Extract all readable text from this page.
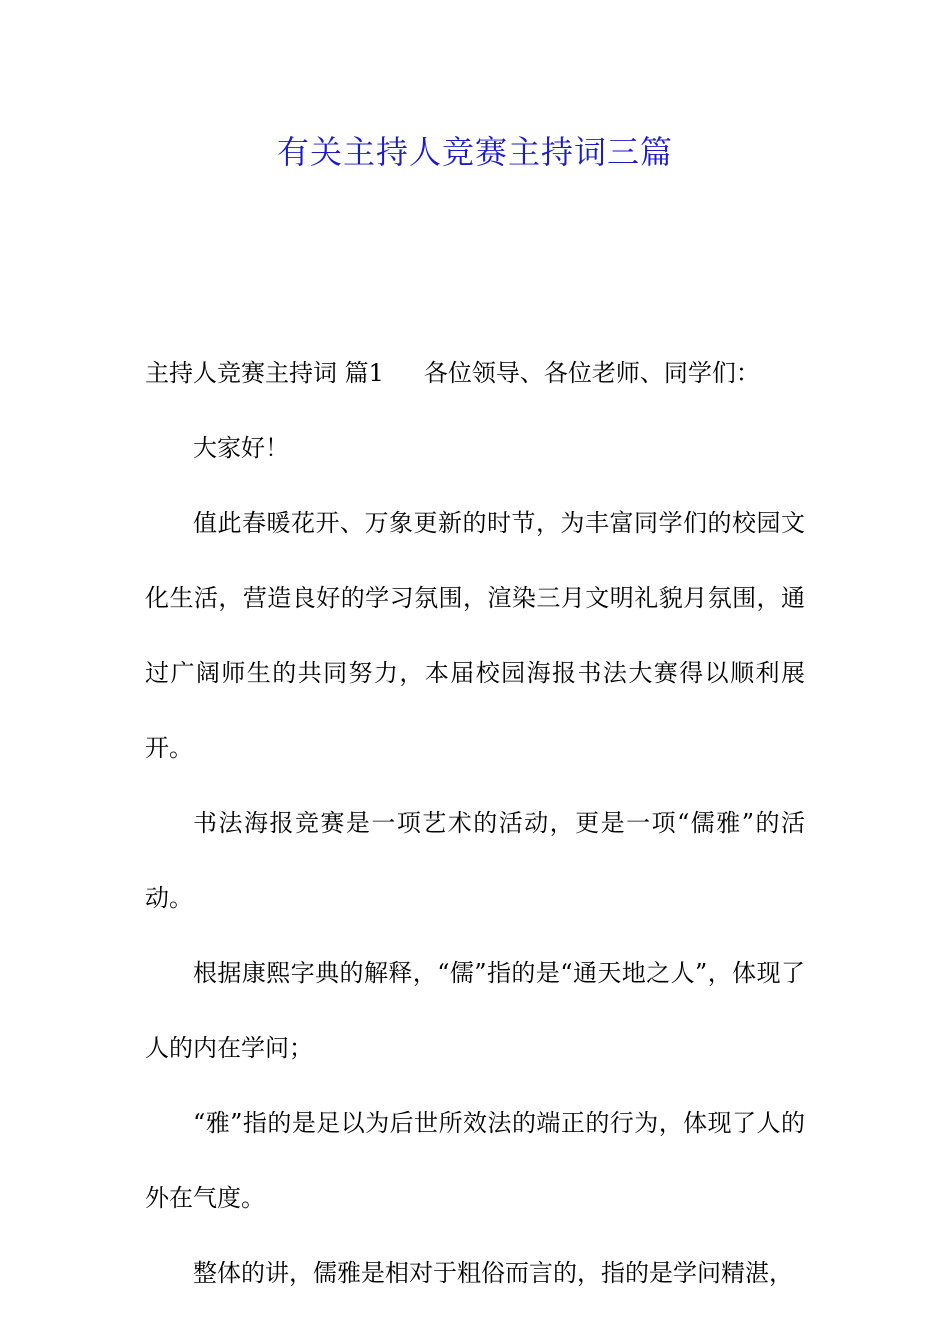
有关主持人竞赛主持词三篇

主持人竞赛主持词 篇1 各位领导、各位老师、同学们：

大家好！

值此春暖花开、万象更新的时节，为丰富同学们的校园文化生活，营造良好的学习氛围，渲染三月文明礼貌月氛围，通过广阔师生的共同努力，本届校园海报书法大赛得以顺利展开。

书法海报竞赛是一项艺术的活动，更是一项“儒雅”的活动。

根据康熙字典的解释，“儒”指的是“通天地之人”，体现了人的内在学问；

“雅”指的是足以为后世所效法的端正的行为，体现了人的外在气度。

整体的讲，儒雅是相对于粗俗而言的，指的是学问精湛，
